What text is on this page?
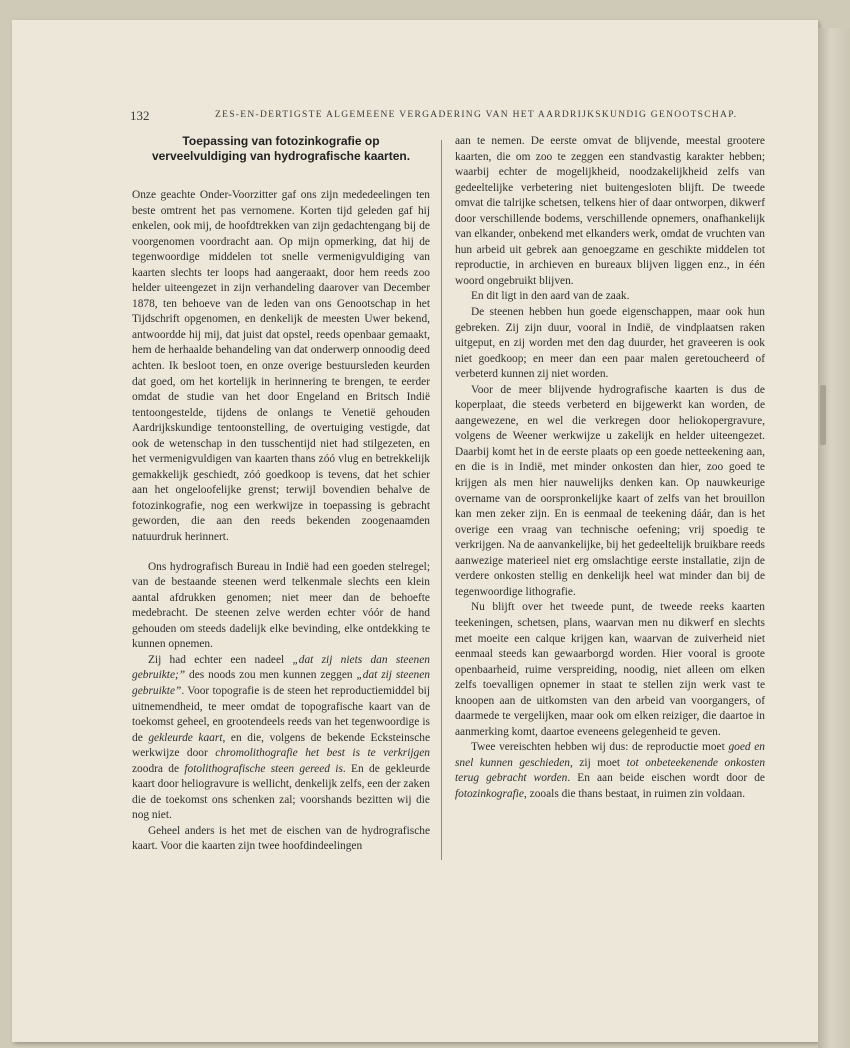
132	ZES-EN-DERTIGSTE ALGEMEENE VERGADERING VAN HET AARDRIJKSKUNDIG GENOOTSCHAP.
Toepassing van fotozinkografie op verveelvuldiging van hydrografische kaarten.

Onze geachte Onder-Voorzitter gaf ons zijn mededeelingen ten beste omtrent het pas vernomene. Korten tijd geleden gaf hij enkelen, ook mij, de hoofdtrekken van zijn gedachtengang bij de voorgenomen voordracht aan. Op mijn opmerking, dat hij de tegenwoordige middelen tot snelle vermenigvuldiging van kaarten slechts ter loops had aangeraakt, door hem reeds zoo helder uiteengezet in zijn verhandeling daarover van December 1878, ten behoeve van de leden van ons Genootschap in het Tijdschrift opgenomen, en denkelijk de meesten Uwer bekend, antwoordde hij mij, dat juist dat opstel, reeds openbaar gemaakt, hem de herhaalde behandeling van dat onderwerp onnoodig deed achten. Ik besloot toen, en onze overige bestuursleden keurden dat goed, om het kortelijk in herinnering te brengen, te eerder omdat de studie van het door Engeland en Britsch Indië tentoongestelde, tijdens de onlangs te Venetië gehouden Aardrijkskundige tentoonstelling, de overtuiging vestigde, dat ook de wetenschap in den tusschentijd niet had stilgezeten, en het vermenigvuldigen van kaarten thans zóó vlug en betrekkelijk gemakkelijk geschiedt, zóó goedkoop is tevens, dat het schier aan het ongeloofelijke grenst; terwijl bovendien behalve de fotozinkografie, nog een werkwijze in toepassing is gebracht geworden, die aan den reeds bekenden zoogenaamden natuurdruk herinnert.

Ons hydrografisch Bureau in Indië had een goeden stelregel; van de bestaande steenen werd telkenmale slechts een klein aantal afdrukken genomen; niet meer dan de behoefte medebracht. De steenen zelve werden echter vóór de hand gehouden om steeds dadelijk elke bevinding, elke ontdekking te kunnen opnemen.

Zij had echter een nadeel „dat zij niets dan steenen gebruikte;” des noods zou men kunnen zeggen „dat zij steenen gebruikte”. Voor topografie is de steen het reproductiemiddel bij uitnemendheid, te meer omdat de topografische kaart van de toekomst geheel, en grootendeels reeds van het tegenwoordige is de gekleurde kaart, en die, volgens de bekende Ecksteinsche werkwijze door chromolithografie het best is te verkrijgen zoodra de fotolithografische steen gereed is. En de gekleurde kaart door heliogravure is wellicht, denkelijk zelfs, een der zaken die de toekomst ons schenken zal; voorshands bezitten wij die nog niet.

Geheel anders is het met de eischen van de hydrografische kaart. Voor die kaarten zijn twee hoofdindeelingen

aan te nemen. De eerste omvat de blijvende, meestal grootere kaarten, die om zoo te zeggen een standvastig karakter hebben; waarbij echter de mogelijkheid, noodzakelijkheid zelfs van gedeeltelijke verbetering niet buitengesloten blijft. De tweede omvat die talrijke schetsen, telkens hier of daar ontworpen, dikwerf door verschillende bodems, verschillende opnemers, onafhankelijk van elkander, onbekend met elkanders werk, omdat de vruchten van hun arbeid uit gebrek aan genoegzame en geschikte middelen tot reproductie, in archieven en bureaux blijven liggen enz., in één woord ongebruikt blijven.

En dit ligt in den aard van de zaak.

De steenen hebben hun goede eigenschappen, maar ook hun gebreken. Zij zijn duur, vooral in Indië, de vindplaatsen raken uitgeput, en zij worden met den dag duurder, het graveeren is ook niet goedkoop; en meer dan een paar malen geretoucheerd of verbeterd kunnen zij niet worden.

Voor de meer blijvende hydrografische kaarten is dus de koperplaat, die steeds verbeterd en bijgewerkt kan worden, de aangewezene, en wel die verkregen door heliokopergravure, volgens de Weener werkwijze u zakelijk en helder uiteengezet. Daarbij komt het in de eerste plaats op een goede netteekening aan, en die is in Indië, met minder onkosten dan hier, zoo goed te krijgen als men hier nauwelijks denken kan. Op nauwkeurige overname van de oorspronkelijke kaart of zelfs van het brouillon kan men zeker zijn. En is eenmaal de teekening dáár, dan is het overige een vraag van technische oefening; vrij spoedig te verkrijgen. Na de aanvankelijke, bij het gedeeltelijk bruikbare reeds aanwezige materieel niet erg omslachtige eerste installatie, zijn de verdere onkosten stellig en denkelijk heel wat minder dan bij de tegenwoordige lithografie.

Nu blijft over het tweede punt, de tweede reeks kaarten teekeningen, schetsen, plans, waarvan men nu dikwerf en slechts met moeite een calque krijgen kan, waarvan de zuiverheid niet eenmaal steeds kan gewaarborgd worden. Hier vooral is groote openbaarheid, ruime verspreiding, noodig, niet alleen om elken zelfs toevalligen opnemer in staat te stellen zijn werk vast te knoopen aan de uitkomsten van den arbeid van voorgangers, of daarmede te vergelijken, maar ook om elken reiziger, die daartoe in aanmerking komt, daartoe eveneens gelegenheid te geven.

Twee vereischten hebben wij dus: de reproductie moet goed en snel kunnen geschieden, zij moet tot onbeteekenende onkosten terug gebracht worden. En aan beide eischen wordt door de fotozinkografie, zooals die thans bestaat, in ruimen zin voldaan.
